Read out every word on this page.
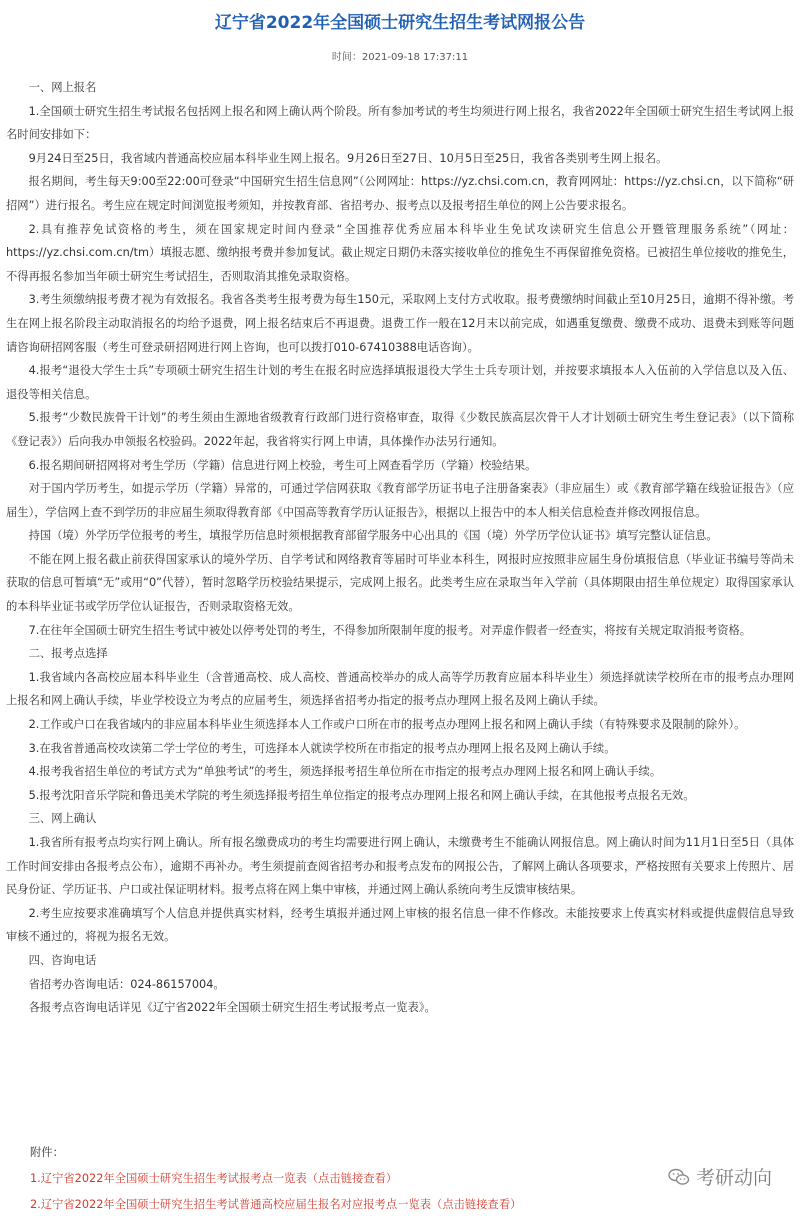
辽宁省2022年全国硕士研究生招生考试网报公告
时间：2021-09-18 17:37:11

一、网上报名

1.全国硕士研究生招生考试报名包括网上报名和网上确认两个阶段。所有参加考试的考生均须进行网上报名，我省2022年全国硕士研究生招生考试网上报名时间安排如下：

9月24日至25日，我省域内普通高校应届本科毕业生网上报名。9月26日至27日、10月5日至25日，我省各类别考生网上报名。

报名期间，考生每天9:00至22:00可登录“中国研究生招生信息网”（公网网址：https://yz.chsi.com.cn，教育网网址：https://yz.chsi.cn，以下简称“研招网”）进行报名。考生应在规定时间浏览报考须知，并按教育部、省招考办、报考点以及报考招生单位的网上公告要求报名。

2.具有推荐免试资格的考生，须在国家规定时间内登录“全国推荐优秀应届本科毕业生免试攻读研究生信息公开暨管理服务系统”（网址：https://yz.chsi.com.cn/tm）填报志愿、缴纳报考费并参加复试。截止规定日期仍未落实接收单位的推免生不再保留推免资格。已被招生单位接收的推免生，不得再报名参加当年硕士研究生考试招生，否则取消其推免录取资格。

3.考生须缴纳报考费才视为有效报名。我省各类考生报考费为每生150元，采取网上支付方式收取。报考费缴纳时间截止至10月25日，逾期不得补缴。考生在网上报名阶段主动取消报名的均给予退费，网上报名结束后不再退费。退费工作一般在12月末以前完成，如遇重复缴费、缴费不成功、退费未到账等问题请咨询研招网客服（考生可登录研招网进行网上咨询，也可以拨打010-67410388电话咨询）。

4.报考“退役大学生士兵”专项硕士研究生招生计划的考生在报名时应选择填报退役大学生士兵专项计划，并按要求填报本人入伍前的入学信息以及入伍、退役等相关信息。

5.报考“少数民族骨干计划”的考生须由生源地省级教育行政部门进行资格审查，取得《少数民族高层次骨干人才计划硕士研究生考生登记表》（以下简称《登记表》）后向我办申领报名校验码。2022年起，我省将实行网上申请，具体操作办法另行通知。

6.报名期间研招网将对考生学历（学籍）信息进行网上校验，考生可上网查看学历（学籍）校验结果。

对于国内学历考生，如提示学历（学籍）异常的，可通过学信网获取《教育部学历证书电子注册备案表》（非应届生）或《教育部学籍在线验证报告》（应届生），学信网上查不到学历的非应届生须取得教育部《中国高等教育学历认证报告》，根据以上报告中的本人相关信息检查并修改网报信息。

持国（境）外学历学位报考的考生，填报学历信息时须根据教育部留学服务中心出具的《国（境）外学历学位认证书》填写完整认证信息。

不能在网上报名截止前获得国家承认的境外学历、自学考试和网络教育等届时可毕业本科生，网报时应按照非应届生身份填报信息（毕业证书编号等尚未获取的信息可暂填“无”或用“0”代替），暂时忽略学历校验结果提示，完成网上报名。此类考生应在录取当年入学前（具体期限由招生单位规定）取得国家承认的本科毕业证书或学历学位认证报告，否则录取资格无效。

7.在往年全国硕士研究生招生考试中被处以停考处罚的考生，不得参加所限制年度的报考。对弄虚作假者一经查实，将按有关规定取消报考资格。

二、报考点选择

1.我省域内各高校应届本科毕业生（含普通高校、成人高校、普通高校举办的成人高等学历教育应届本科毕业生）须选择就读学校所在市的报考点办理网上报名和网上确认手续，毕业学校设立为考点的应届考生，须选择省招考办指定的报考点办理网上报名及网上确认手续。

2.工作或户口在我省域内的非应届本科毕业生须选择本人工作或户口所在市的报考点办理网上报名和网上确认手续（有特殊要求及限制的除外）。

3.在我省普通高校攻读第二学士学位的考生，可选择本人就读学校所在市指定的报考点办理网上报名及网上确认手续。

4.报考我省招生单位的考试方式为“单独考试”的考生，须选择报考招生单位所在市指定的报考点办理网上报名和网上确认手续。

5.报考沈阳音乐学院和鲁迅美术学院的考生须选择报考招生单位指定的报考点办理网上报名和网上确认手续，在其他报考点报名无效。

三、网上确认

1.我省所有报考点均实行网上确认。所有报名缴费成功的考生均需要进行网上确认，未缴费考生不能确认网报信息。网上确认时间为11月1日至5日（具体工作时间安排由各报考点公布），逾期不再补办。考生须提前查阅省招考办和报考点发布的网报公告，了解网上确认各项要求，严格按照有关要求上传照片、居民身份证、学历证书、户口或社保证明材料。报考点将在网上集中审核，并通过网上确认系统向考生反馈审核结果。

2.考生应按要求准确填写个人信息并提供真实材料，经考生填报并通过网上审核的报名信息一律不作修改。未能按要求上传真实材料或提供虚假信息导致审核不通过的，将视为报名无效。

四、咨询电话

省招考办咨询电话：024-86157004。

各报考点咨询电话详见《辽宁省2022年全国硕士研究生招生考试报考点一览表》。

附件：
1.辽宁省2022年全国硕士研究生招生考试报考点一览表（点击链接查看）
2.辽宁省2022年全国硕士研究生招生考试普通高校应届生报名对应报考点一览表（点击链接查看）
考研动向
